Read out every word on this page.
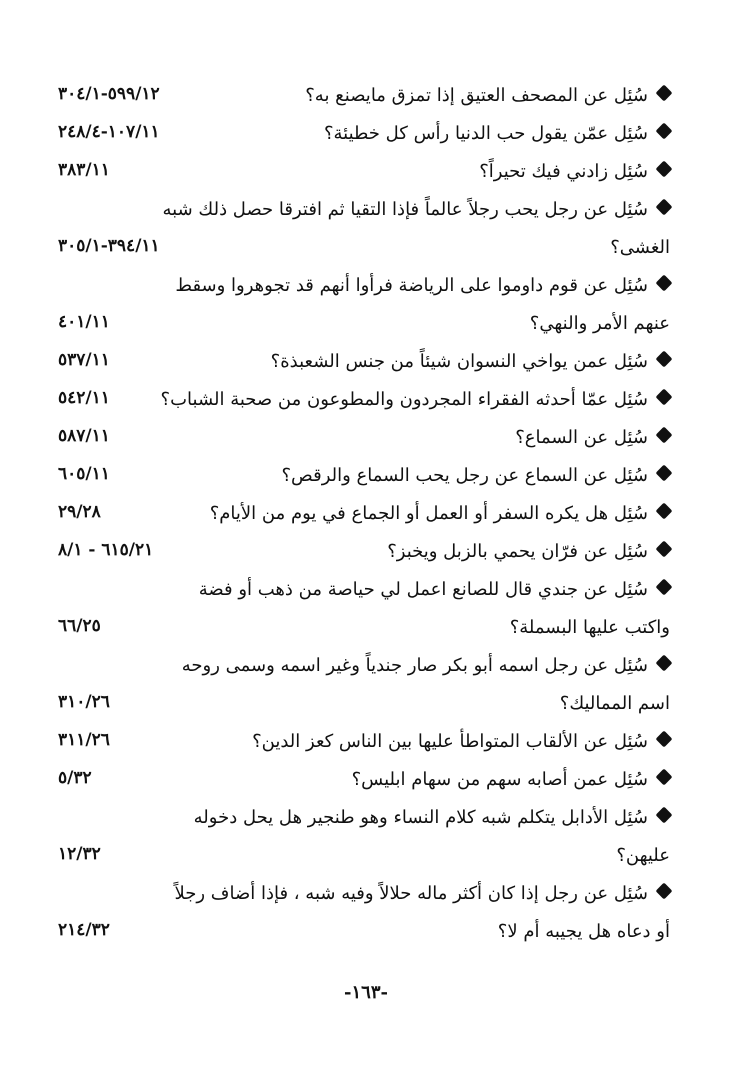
سُئِل عن المصحف العتيق إذا تمزق مايصنع به؟
٥٩٩/١٢-٣٠٤/١
سُئِل عمّن يقول حب الدنيا رأس كل خطيئة؟
١٠٧/١١-٢٤٨/٤
سُئِل زادني فيك تحيراً؟
٣٨٣/١١
سُئِل عن رجل يحب رجلاً عالماً فإذا التقيا ثم افترقا حصل ذلك شبه
الغشى؟
٣٩٤/١١-٣٠٥/١
سُئِل عن قوم داوموا على الرياضة فرأوا أنهم قد تجوهروا وسقط
عنهم الأمر والنهي؟
٤٠١/١١
سُئِل عمن يواخي النسوان شيئاً من جنس الشعبذة؟
٥٣٧/١١
سُئِل عمّا أحدثه الفقراء المجردون والمطوعون من صحبة الشباب؟
٥٤٢/١١
سُئِل عن السماع؟
٥٨٧/١١
سُئِل عن السماع عن رجل يحب السماع والرقص؟
٦٠٥/١١
سُئِل هل يكره السفر أو العمل أو الجماع في يوم من الأيام؟
٢٩/٢٨
سُئِل عن فرّان يحمي بالزبل ويخبز؟
٦١٥/٢١ - ٨/١
سُئِل عن جندي قال للصانع اعمل لي حياصة من ذهب أو فضة
واكتب عليها البسملة؟
٦٦/٢٥
سُئِل عن رجل اسمه أبو بكر صار جندياً وغير اسمه وسمى روحه
اسم المماليك؟
٣١٠/٢٦
سُئِل عن الألقاب المتواطأ عليها بين الناس كعز الدين؟
٣١١/٢٦
سُئِل عمن أصابه سهم من سهام ابليس؟
٥/٣٢
سُئِل الأدابل يتكلم شبه كلام النساء وهو طنجير هل يحل دخوله
عليهن؟
١٢/٣٢
سُئِل عن رجل إذا كان أكثر ماله حلالاً وفيه شبه ، فإذا أضاف رجلاً
أو دعاه هل يجيبه أم لا؟
٢١٤/٣٢
-١٦٣-
